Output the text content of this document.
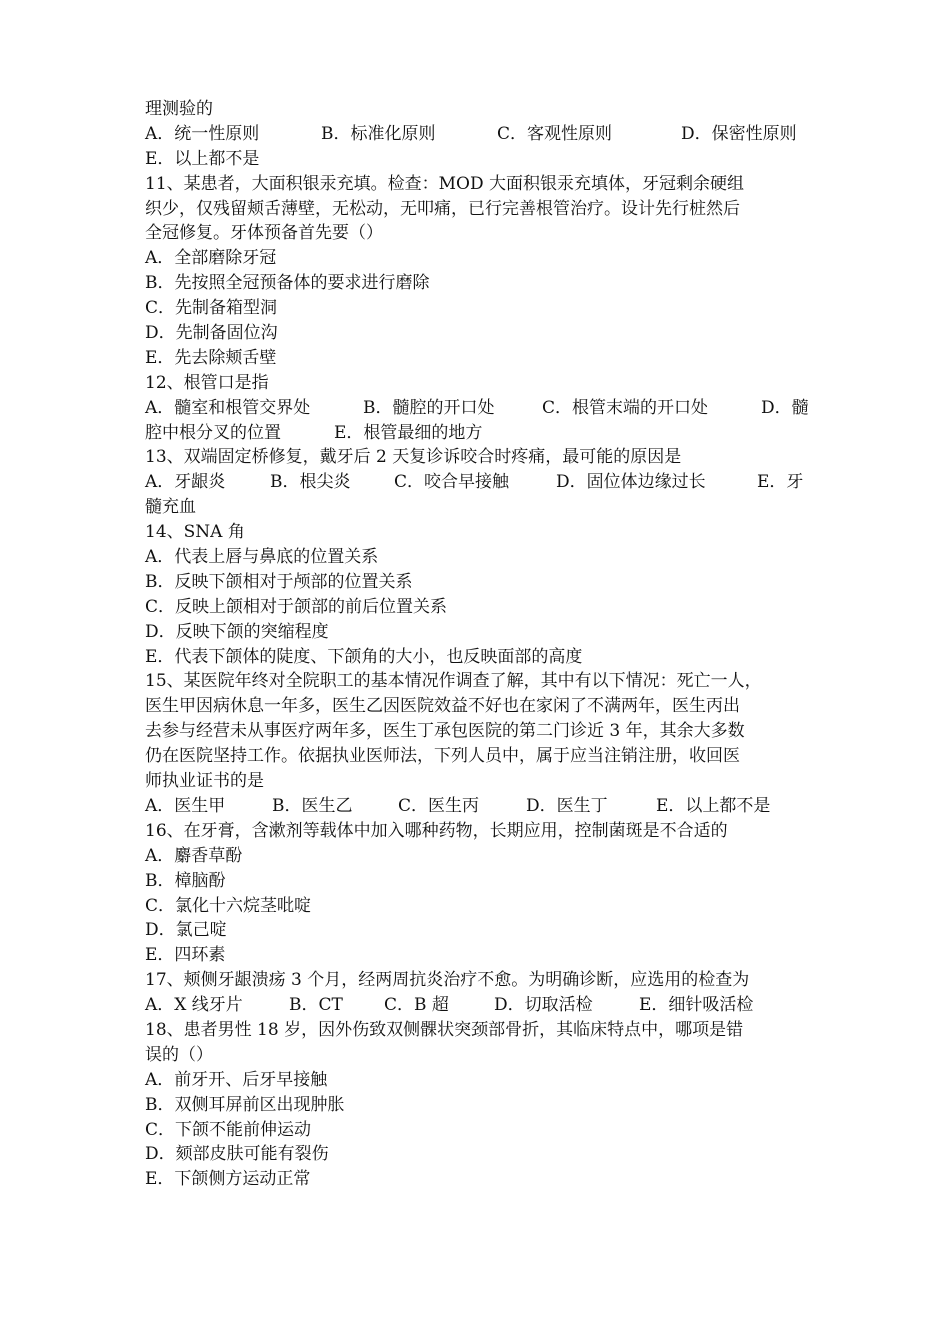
理测验的
A．统一性原则	B．标准化原则	C．客观性原则	D．保密性原则
E．以上都不是
11、某患者，大面积银汞充填。检查：MOD 大面积银汞充填体，牙冠剩余硬组
织少，仅残留颊舌薄壁，无松动，无叩痛，已行完善根管治疗。设计先行桩然后
全冠修复。牙体预备首先要（）
A．全部磨除牙冠
B．先按照全冠预备体的要求进行磨除
C．先制备箱型洞
D．先制备固位沟
E．先去除颊舌壁
12、根管口是指
A．髓室和根管交界处	B．髓腔的开口处	C．根管末端的开口处	D．髓
腔中根分叉的位置	E．根管最细的地方
13、双端固定桥修复，戴牙后 2 天复诊诉咬合时疼痛，最可能的原因是
A．牙龈炎	B．根尖炎	C．咬合早接触	D．固位体边缘过长	E．牙
髓充血
14、SNA 角
A．代表上唇与鼻底的位置关系
B．反映下颌相对于颅部的位置关系
C．反映上颌相对于颌部的前后位置关系
D．反映下颌的突缩程度
E．代表下颌体的陡度、下颌角的大小，也反映面部的高度
15、某医院年终对全院职工的基本情况作调查了解，其中有以下情况：死亡一人，
医生甲因病休息一年多，医生乙因医院效益不好也在家闲了不满两年，医生丙出
去参与经营未从事医疗两年多，医生丁承包医院的第二门诊近 3 年，其余大多数
仍在医院坚持工作。依据执业医师法，下列人员中，属于应当注销注册，收回医
师执业证书的是
A．医生甲	B．医生乙	C．医生丙	D．医生丁	E．以上都不是
16、在牙膏，含漱剂等载体中加入哪种药物，长期应用，控制菌斑是不合适的
A．麝香草酚
B．樟脑酚
C．氯化十六烷茎吡啶
D．氯己啶
E．四环素
17、颊侧牙龈溃疡 3 个月，经两周抗炎治疗不愈。为明确诊断，应选用的检查为
A．X 线牙片	B．CT	C．B 超	D．切取活检	E．细针吸活检
18、患者男性 18 岁，因外伤致双侧髁状突颈部骨折，其临床特点中，哪项是错
误的（）
A．前牙开、后牙早接触
B．双侧耳屏前区出现肿胀
C．下颌不能前伸运动
D．颏部皮肤可能有裂伤
E．下颌侧方运动正常
